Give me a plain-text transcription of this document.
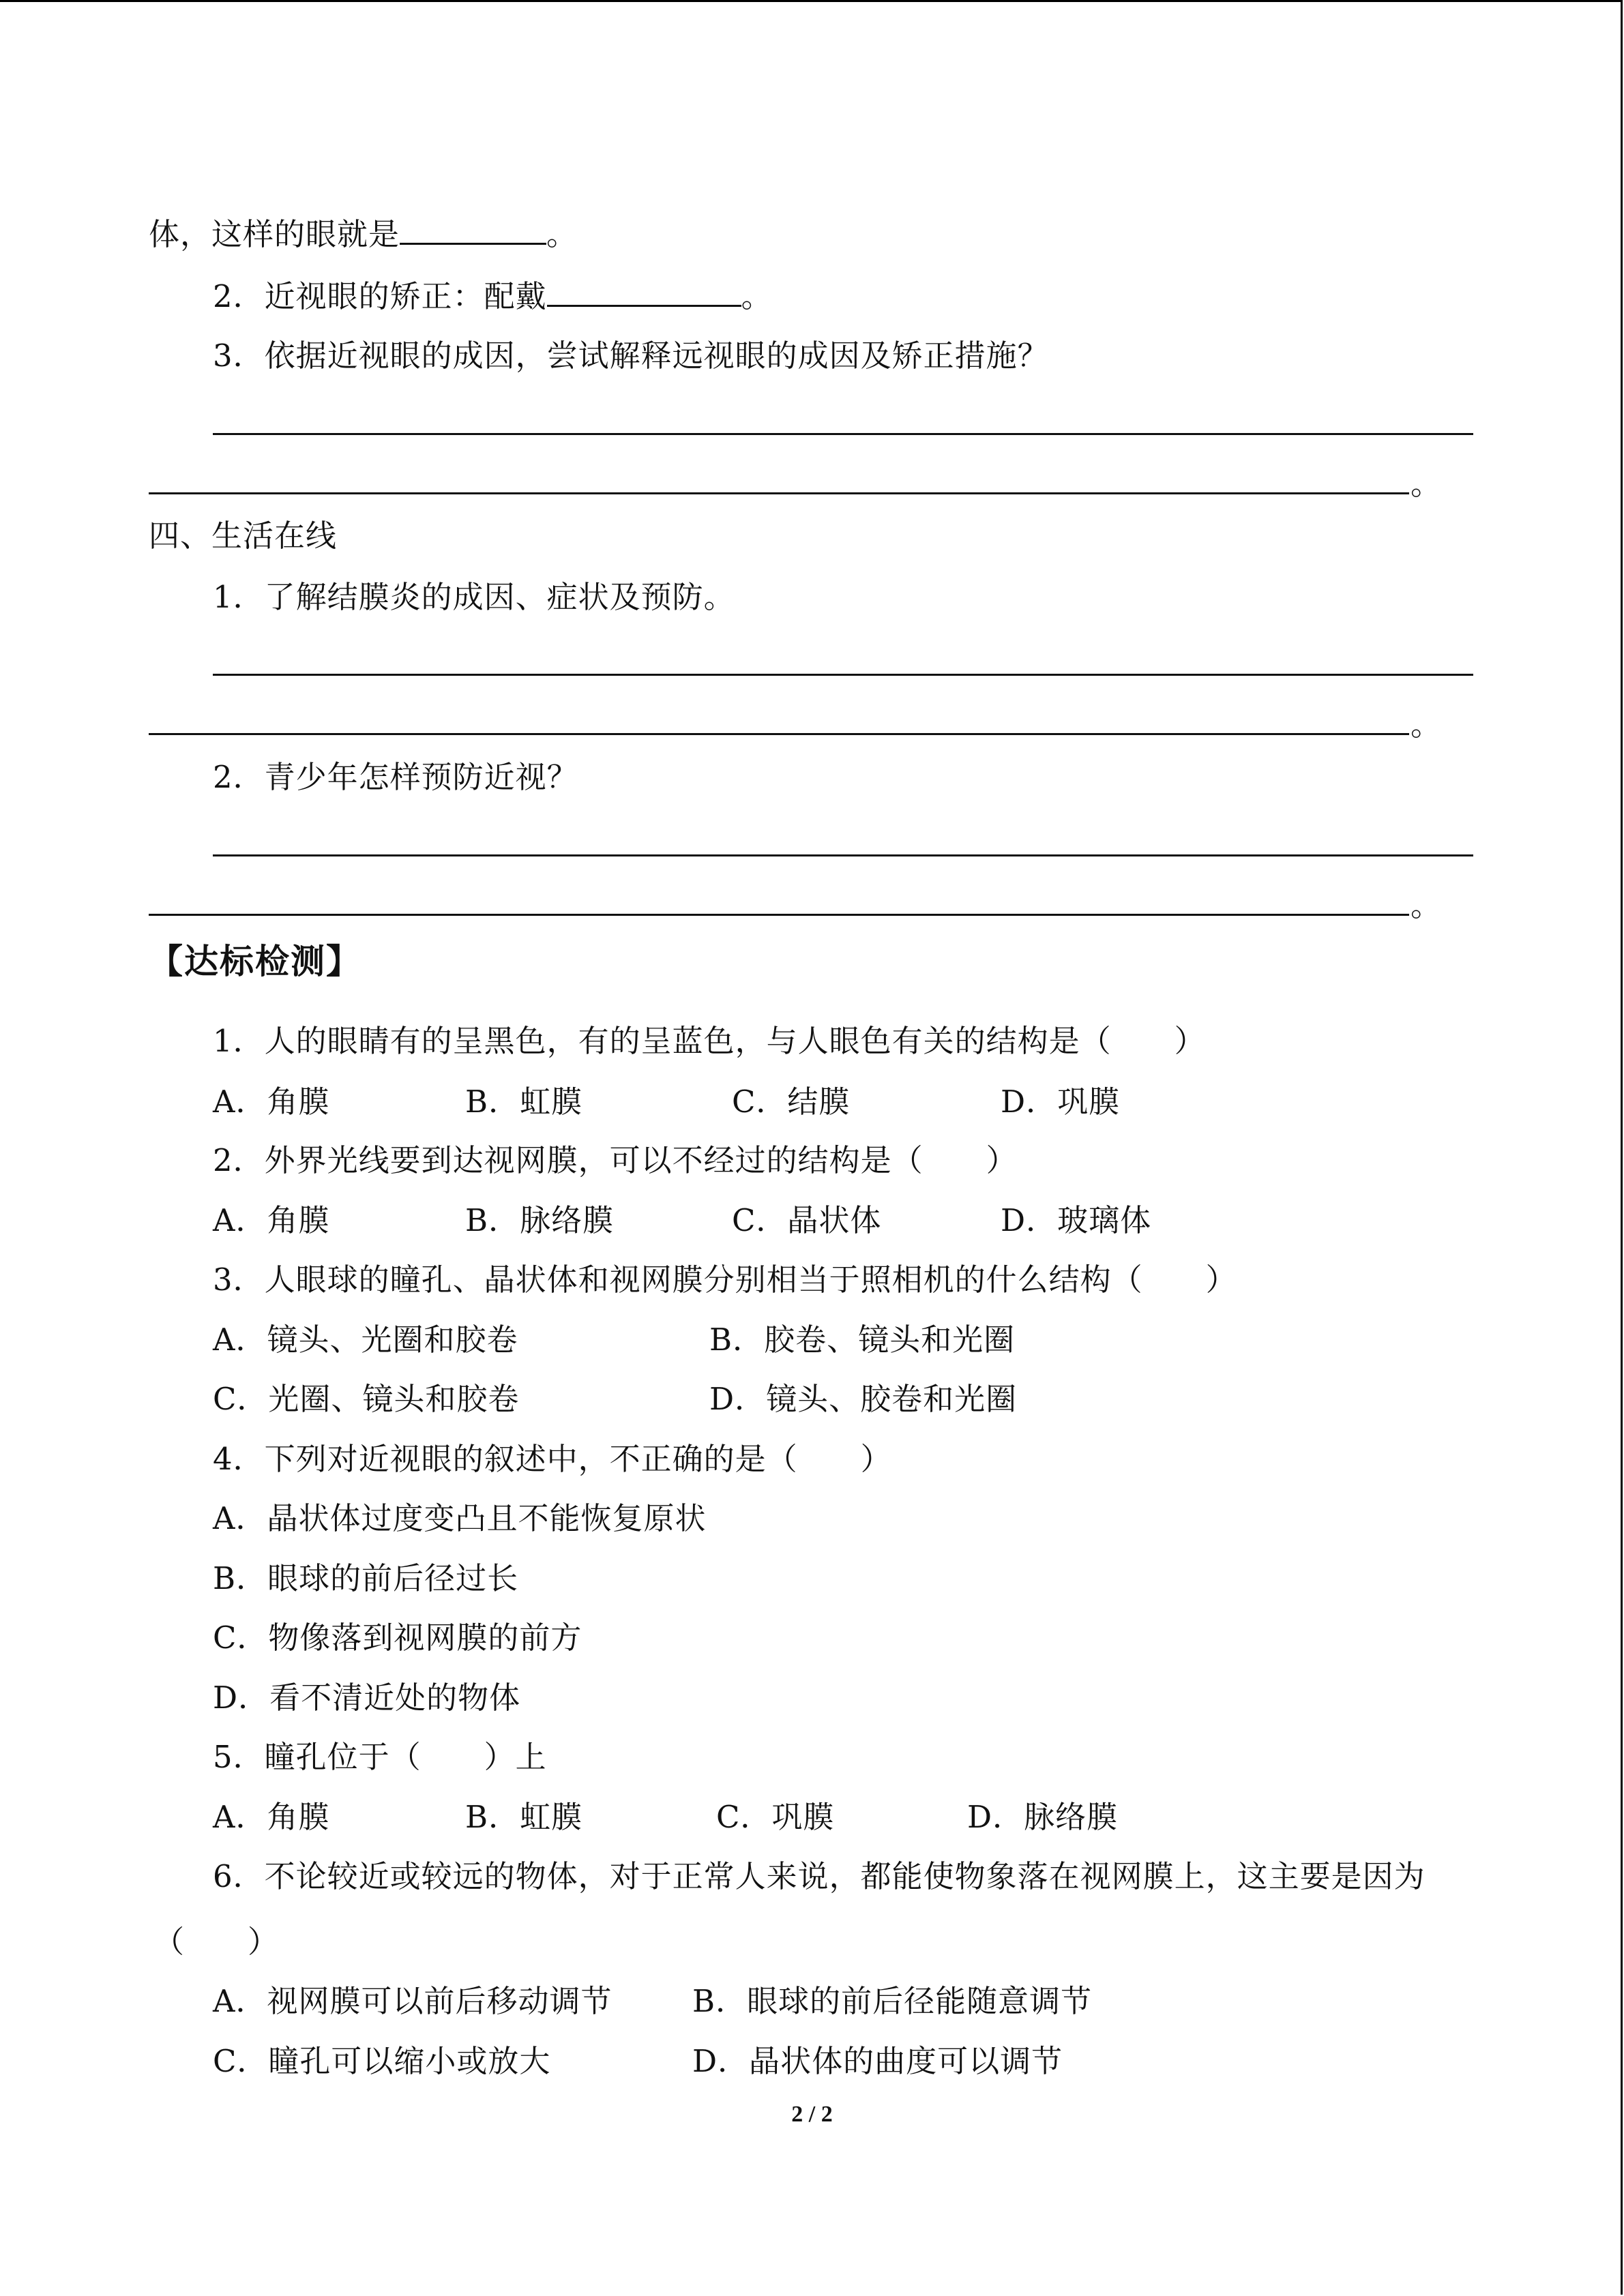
体，这样的眼就是	。
2．近视眼的矫正：配戴	。
3．依据近视眼的成因，尝试解释远视眼的成因及矫正措施？
。
四、生活在线
1．了解结膜炎的成因、症状及预防。
。
2．青少年怎样预防近视？
。
【达标检测】
1．人的眼睛有的呈黑色，有的呈蓝色，与人眼色有关的结构是（　　）
A．角膜	B．虹膜	C．结膜	D．巩膜
2．外界光线要到达视网膜，可以不经过的结构是（　　）
A．角膜	B．脉络膜	C．晶状体	D．玻璃体
3．人眼球的瞳孔、晶状体和视网膜分别相当于照相机的什么结构（　　）
A．镜头、光圈和胶卷	B．胶卷、镜头和光圈
C．光圈、镜头和胶卷	D．镜头、胶卷和光圈
4．下列对近视眼的叙述中，不正确的是（　　）
A．晶状体过度变凸且不能恢复原状
B．眼球的前后径过长
C．物像落到视网膜的前方
D．看不清近处的物体
5．瞳孔位于（　　）上
A．角膜	B．虹膜	C．巩膜	D．脉络膜
6．不论较近或较远的物体，对于正常人来说，都能使物象落在视网膜上，这主要是因为
（　　）
A．视网膜可以前后移动调节	B．眼球的前后径能随意调节
C．瞳孔可以缩小或放大	D．晶状体的曲度可以调节
2 / 2
